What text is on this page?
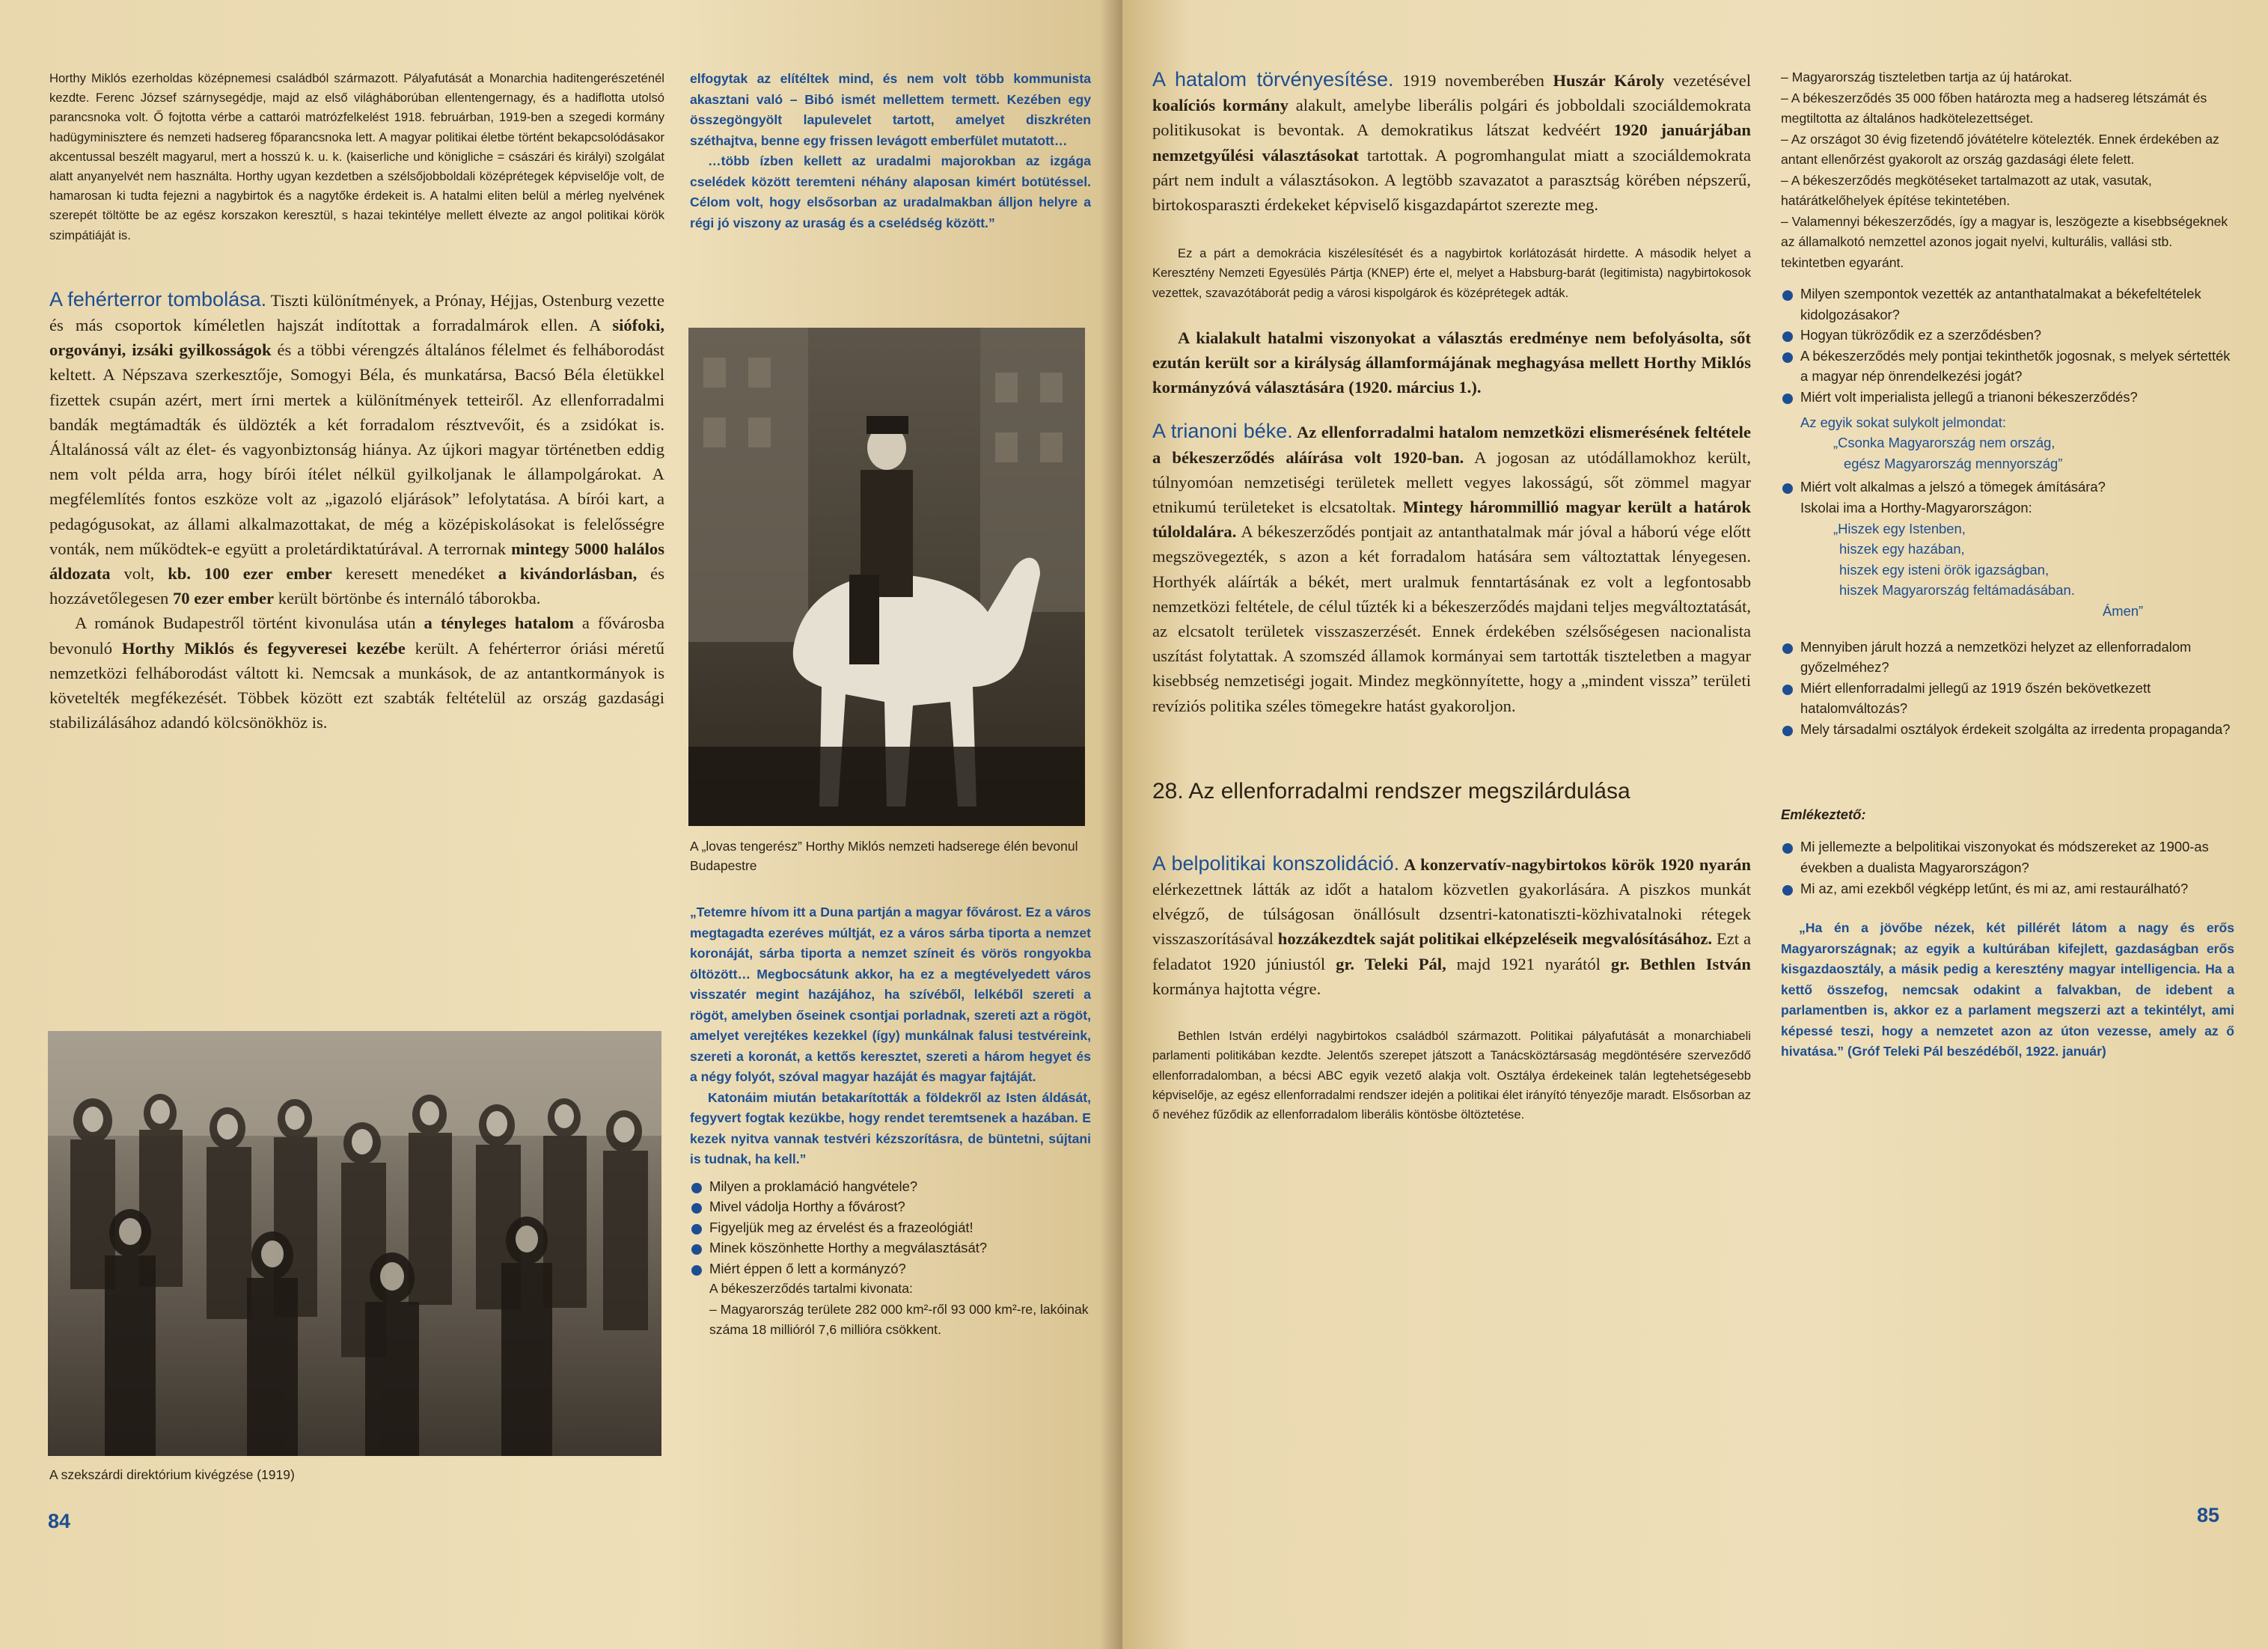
Horthy Miklós ezerholdas középnemesi családból származott. Pályafutását a Monarchia haditengerészeténél kezdte. Ferenc József szárnysegédje, majd az első világháborúban ellentengernagy, és a hadiflotta utolsó parancsnoka volt. Ő fojtotta vérbe a cattarói matrózfelkelést 1918. februárban, 1919-ben a szegedi kormány hadügyminisztere és nemzeti hadsereg főparancsnoka lett. A magyar politikai életbe történt bekapcsolódásakor akcentussal beszélt magyarul, mert a hosszú k. u. k. (kaiserliche und königliche = császári és királyi) szolgálat alatt anyanyelvét nem használta. Horthy ugyan kezdetben a szélsőjobboldali középrétegek képviselője volt, de hamarosan ki tudta fejezni a nagybirtok és a nagytőke érdekeit is. A hatalmi eliten belül a mérleg nyelvének szerepét töltötte be az egész korszakon keresztül, s hazai tekintélye mellett élvezte az angol politikai körök szimpátiáját is.

A fehérterror tombolása. Tiszti különítmények, a Prónay, Héjjas, Ostenburg vezette és más csoportok kíméletlen hajszát indítottak a forradalmárok ellen. A siófoki, orgoványi, izsáki gyilkosságok és a többi vérengzés általános félelmet és felháborodást keltett. A Népszava szerkesztője, Somogyi Béla, és munkatársa, Bacsó Béla életükkel fizettek csupán azért, mert írni mertek a különítmények tetteiről. Az ellenforradalmi bandák megtámadták és üldözték a két forradalom résztvevőit, és a zsidókat is. Általánossá vált az élet- és vagyonbiztonság hiánya. Az újkori magyar történetben eddig nem volt példa arra, hogy bírói ítélet nélkül gyilkoljanak le állampolgárokat. A megfélemlítés fontos eszköze volt az „igazoló eljárások” lefolytatása. A bírói kart, a pedagógusokat, az állami alkalmazottakat, de még a középiskolásokat is felelősségre vonták, nem működtek-e együtt a proletárdiktatúrával. A terrornak mintegy 5000 halálos áldozata volt, kb. 100 ezer ember keresett menedéket a kivándorlásban, és hozzávetőlegesen 70 ezer ember került börtönbe és internáló táborokba.

A románok Budapestről történt kivonulása után a tényleges hatalom a fővárosba bevonuló Horthy Miklós és fegyveresei kezébe került. A fehérterror óriási méretű nemzetközi felháborodást váltott ki. Nemcsak a munkások, de az antantkormányok is követelték megfékezését. Többek között ezt szabták feltételül az ország gazdasági stabilizálásához adandó kölcsönökhöz is.

A szekszárdi direktórium kivégzése (1919)

84

elfogytak az elítéltek mind, és nem volt több kommunista akasztani való – Bibó ismét mellettem termett. Kezében egy összegöngyölt lapulevelet tartott, amelyet diszkréten széthajtva, benne egy frissen levágott emberfület mutatott…

…több ízben kellett az uradalmi majorokban az izgága cselédek között teremteni néhány alaposan kimért botütéssel. Célom volt, hogy elsősorban az uradalmakban álljon helyre a régi jó viszony az uraság és a cselédség között.”

A „lovas tengerész” Horthy Miklós nemzeti hadserege élén bevonul Budapestre

„Tetemre hívom itt a Duna partján a magyar fővárost. Ez a város megtagadta ezeréves múltját, ez a város sárba tiporta a nemzet koronáját, sárba tiporta a nemzet színeit és vörös rongyokba öltözött… Megbocsátunk akkor, ha ez a megtévelyedett város visszatér megint hazájához, ha szívéből, lelkéből szereti a rögöt, amelyben őseinek csontjai porladnak, szereti azt a rögöt, amelyet verejtékes kezekkel (így) munkálnak falusi testvéreink, szereti a koronát, a kettős keresztet, szereti a három hegyet és a négy folyót, szóval magyar hazáját és magyar fajtáját.

Katonáim miután betakarították a földekről az Isten áldását, fegyvert fogtak kezükbe, hogy rendet teremtsenek a hazában. E kezek nyitva vannak testvéri kézszorításra, de büntetni, sújtani is tudnak, ha kell.”

Milyen a proklamáció hangvétele?
Mivel vádolja Horthy a fővárost?
Figyeljük meg az érvelést és a frazeológiát!
Minek köszönhette Horthy a megválasztását?
Miért éppen ő lett a kormányzó?

A békeszerződés tartalmi kivonata:

– Magyarország területe 282 000 km²-ről 93 000 km²-re, lakóinak száma 18 millióról 7,6 millióra csökkent.

A hatalom törvényesítése. 1919 novemberében Huszár Károly vezetésével koalíciós kormány alakult, amelybe liberális polgári és jobboldali szociáldemokrata politikusokat is bevontak. A demokratikus látszat kedvéért 1920 januárjában nemzetgyűlési választásokat tartottak. A pogromhangulat miatt a szociáldemokrata párt nem indult a választásokon. A legtöbb szavazatot a parasztság körében népszerű, birtokosparaszti érdekeket képviselő kisgazdapártot szerezte meg.

Ez a párt a demokrácia kiszélesítését és a nagybirtok korlátozását hirdette. A második helyet a Keresztény Nemzeti Egyesülés Pártja (KNEP) érte el, melyet a Habsburg-barát (legitimista) nagybirtokosok vezettek, szavazótáborát pedig a városi kispolgárok és középrétegek adták.

A kialakult hatalmi viszonyokat a választás eredménye nem befolyásolta, sőt ezután került sor a királyság államformájának meghagyása mellett Horthy Miklós kormányzóvá választására (1920. március 1.).

A trianoni béke. Az ellenforradalmi hatalom nemzetközi elismerésének feltétele a békeszerződés aláírása volt 1920-ban. A jogosan az utódállamokhoz került, túlnyomóan nemzetiségi területek mellett vegyes lakosságú, sőt zömmel magyar etnikumú területeket is elcsatoltak. Mintegy hárommillió magyar került a határok túloldalára. A békeszerződés pontjait az antanthatalmak már jóval a háború vége előtt megszövegezték, s azon a két forradalom hatására sem változtattak lényegesen. Horthyék aláírták a békét, mert uralmuk fenntartásának ez volt a legfontosabb nemzetközi feltétele, de célul tűzték ki a békeszerződés majdani teljes megváltoztatását, az elcsatolt területek visszaszerzését. Ennek érdekében szélsőségesen nacionalista uszítást folytattak. A szomszéd államok kormányai sem tartották tiszteletben a magyar kisebbség nemzetiségi jogait. Mindez megkönnyítette, hogy a „mindent vissza” területi revíziós politika széles tömegekre hatást gyakoroljon.

28. Az ellenforradalmi rendszer megszilárdulása

A belpolitikai konszolidáció. A konzervatív-nagybirtokos körök 1920 nyarán elérkezettnek látták az időt a hatalom közvetlen gyakorlására. A piszkos munkát elvégző, de túlságosan önállósult dzsentri-katonatiszti-közhivatalnoki rétegek visszaszorításával hozzákezdtek saját politikai elképzeléseik megvalósításához. Ezt a feladatot 1920 júniustól gr. Teleki Pál, majd 1921 nyarától gr. Bethlen István kormánya hajtotta végre.

Bethlen István erdélyi nagybirtokos családból származott. Politikai pályafutását a monarchiabeli parlamenti politikában kezdte. Jelentős szerepet játszott a Tanácsköztársaság megdöntésére szerveződő ellenforradalomban, a bécsi ABC egyik vezető alakja volt. Osztálya érdekeinek talán legtehetségesebb képviselője, az egész ellenforradalmi rendszer idején a politikai élet irányító tényezője maradt. Elsősorban az ő nevéhez fűződik az ellenforradalom liberális köntösbe öltöztetése.

– Magyarország tiszteletben tartja az új határokat.

– A békeszerződés 35 000 főben határozta meg a hadsereg létszámát és megtiltotta az általános hadkötelezettséget.

– Az országot 30 évig fizetendő jóvátételre kötelezték. Ennek érdekében az antant ellenőrzést gyakorolt az ország gazdasági élete felett.

– A békeszerződés megkötéseket tartalmazott az utak, vasutak, határátkelőhelyek építése tekintetében.

– Valamennyi békeszerződés, így a magyar is, leszögezte a kisebbségeknek az államalkotó nemzettel azonos jogait nyelvi, kulturális, vallási stb. tekintetben egyaránt.

Milyen szempontok vezették az antanthatalmakat a békefeltételek kidolgozásakor?
Hogyan tükröződik ez a szerződésben?
A békeszerződés mely pontjai tekinthetők jogosnak, s melyek sértették a magyar nép önrendelkezési jogát?
Miért volt imperialista jellegű a trianoni békeszerződés?

Az egyik sokat sulykolt jelmondat:

„Csonka Magyarország nem ország,

egész Magyarország mennyország”

Miért volt alkalmas a jelszó a tömegek ámítására?

Iskolai ima a Horthy-Magyarországon:

„Hiszek egy Istenben,

hiszek egy hazában,

hiszek egy isteni örök igazságban,

hiszek Magyarország feltámadásában.

Ámen”

Mennyiben járult hozzá a nemzetközi helyzet az ellenforradalom győzelméhez?
Miért ellenforradalmi jellegű az 1919 őszén bekövetkezett hatalomváltozás?
Mely társadalmi osztályok érdekeit szolgálta az irredenta propaganda?

Emlékeztető:

Mi jellemezte a belpolitikai viszonyokat és módszereket az 1900-as években a dualista Magyarországon?
Mi az, ami ezekből végképp letűnt, és mi az, ami restaurálható?

„Ha én a jövőbe nézek, két pillérét látom a nagy és erős Magyarországnak; az egyik a kultúrában kifejlett, gazdaságban erős kisgazdaosztály, a másik pedig a keresztény magyar intelligencia. Ha a kettő összefog, nemcsak odakint a falvakban, de idebent a parlamentben is, akkor ez a parlament megszerzi azt a tekintélyt, ami képessé teszi, hogy a nemzetet azon az úton vezesse, amely az ő hivatása.” (Gróf Teleki Pál beszédéből, 1922. január)

85
